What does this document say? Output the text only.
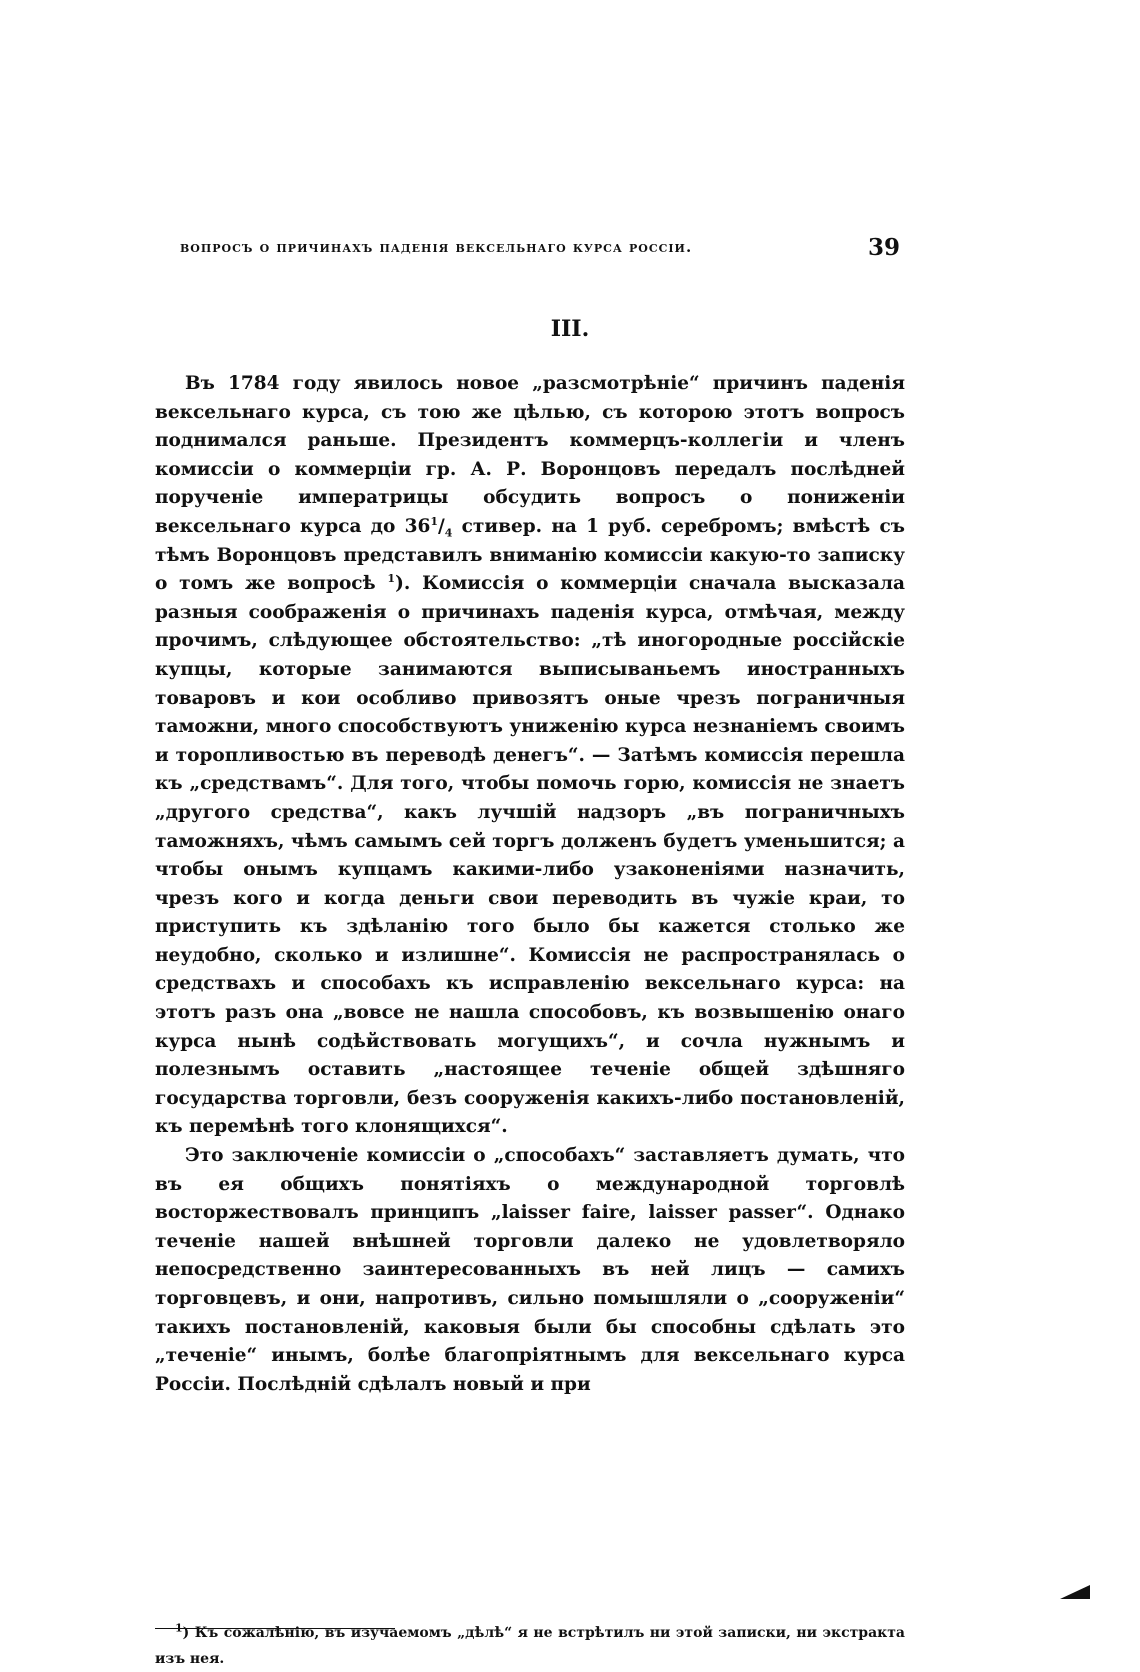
вопросъ о причинахъ паденія вексельнаго курса россіи.	39
III.

Въ 1784 году явилось новое „разсмотрѣніе“ причинъ паденія вексельнаго курса, съ тою же цѣлью, съ которою этотъ вопросъ поднимался раньше. Президентъ коммерцъ-коллегіи и членъ комиссіи о коммерціи гр. А. Р. Воронцовъ передалъ послѣдней порученіе императрицы обсудить вопросъ о пониженіи вексельнаго курса до $36^1/_4$ стивер. на 1 руб. серебромъ; вмѣстѣ съ тѣмъ Воронцовъ представилъ вниманію комиссіи какую-то записку о томъ же вопросѣ $^1$). Комиссія о коммерціи сначала высказала разныя соображенія о причинахъ паденія курса, отмѣчая, между прочимъ, слѣдующее обстоятельство: „тѣ иногородные россійскіе купцы, которые занимаются выписываньемъ иностранныхъ товаровъ и кои особливо привозятъ оные чрезъ пограничныя таможни, много способствуютъ униженію курса незнаніемъ своимъ и торопливостью въ переводѣ денегъ“. — Затѣмъ комиссія перешла къ „средствамъ“. Для того, чтобы помочь горю, комиссія не знаетъ „другого средства“, какъ лучшій надзоръ „въ пограничныхъ таможняхъ, чѣмъ самымъ сей торгъ долженъ будетъ уменьшится; а чтобы онымъ купцамъ какими-либо узаконеніями назначить, чрезъ кого и когда деньги свои переводить въ чужіе краи, то приступить къ здѣланію того было бы кажется столько же неудобно, сколько и излишне“. Комиссія не распространялась о средствахъ и способахъ къ исправленію вексельнаго курса: на этотъ разъ она „вовсе не нашла способовъ, къ возвышенію онаго курса нынѣ содѣйствовать могущихъ“, и сочла нужнымъ и полезнымъ оставить „настоящее теченіе общей здѣшняго государства торговли, безъ сооруженія какихъ-либо постановленій, къ перемѣнѣ того клонящихся“.

Это заключеніе комиссіи о „способахъ“ заставляетъ думать, что въ ея общихъ понятіяхъ о международной торговлѣ восторжествовалъ принципъ „laisser faire, laisser passer“. Однако теченіе нашей внѣшней торговли далеко не удовлетворяло непосредственно заинтересованныхъ въ ней лицъ — самихъ торговцевъ, и они, напротивъ, сильно помышляли о „сооруженіи“ такихъ постановленій, каковыя были бы способны сдѣлать это „теченіе“ инымъ, болѣе благопріятнымъ для вексельнаго курса Россіи. Послѣдній сдѣлалъ новый и при

$^1$) Къ сожалѣнію, въ изучаемомъ „дѣлѣ“ я не встрѣтилъ ни этой записки, ни экстракта изъ нея.
